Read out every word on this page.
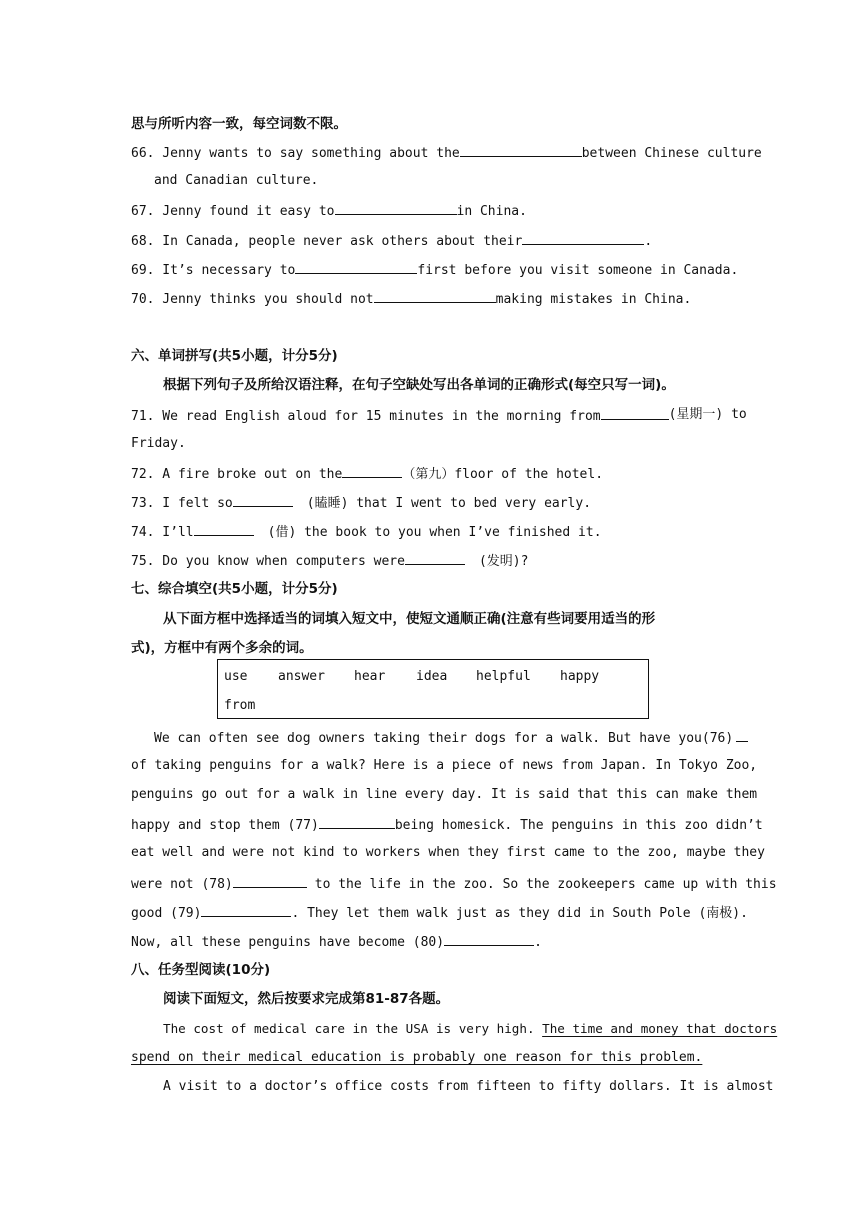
思与所听内容一致，每空词数不限。
66. Jenny wants to say something about the	between Chinese culture
and Canadian culture.
67. Jenny found it easy to	in China.
68. In Canada, people never ask others about their	.
69. It’s necessary to	first before you visit someone in Canada.
70. Jenny thinks you should not	making mistakes in China.
六、单词拼写(共5小题，计分5分)
根据下列句子及所给汉语注释，在句子空缺处写出各单词的正确形式(每空只写一词)。
71. We read English aloud for 15 minutes in the morning from	(星期一) to
Friday.
72. A fire broke out on the	（第九）floor of the hotel.
73. I felt so	(瞌睡) that I went to bed very early.
74. I’ll	(借) the book to you when I’ve finished it.
75. Do you know when computers were	(发明)?
七、综合填空(共5小题，计分5分)
从下面方框中选择适当的词填入短文中，使短文通顺正确(注意有些词要用适当的形
式)，方框中有两个多余的词。
use answer hear idea helpful happy
from
We can often see dog owners taking their dogs for a walk. But have you(76)
of taking penguins for a walk? Here is a piece of news from Japan. In Tokyo Zoo,
penguins go out for a walk in line every day. It is said that this can make them
happy and stop them (77)	being homesick. The penguins in this zoo didn’t
eat well and were not kind to workers when they first came to the zoo, maybe they
were not (78)	to the life in the zoo. So the zookeepers came up with this
good (79)	. They let them walk just as they did in South Pole (南极).
Now, all these penguins have become (80)	.
八、任务型阅读(10分)
阅读下面短文，然后按要求完成第81-87各题。
The cost of medical care in the USA is very high. The time and money that doctors
spend on their medical education is probably one reason for this problem.
A visit to a doctor’s office costs from fifteen to fifty dollars. It is almost
